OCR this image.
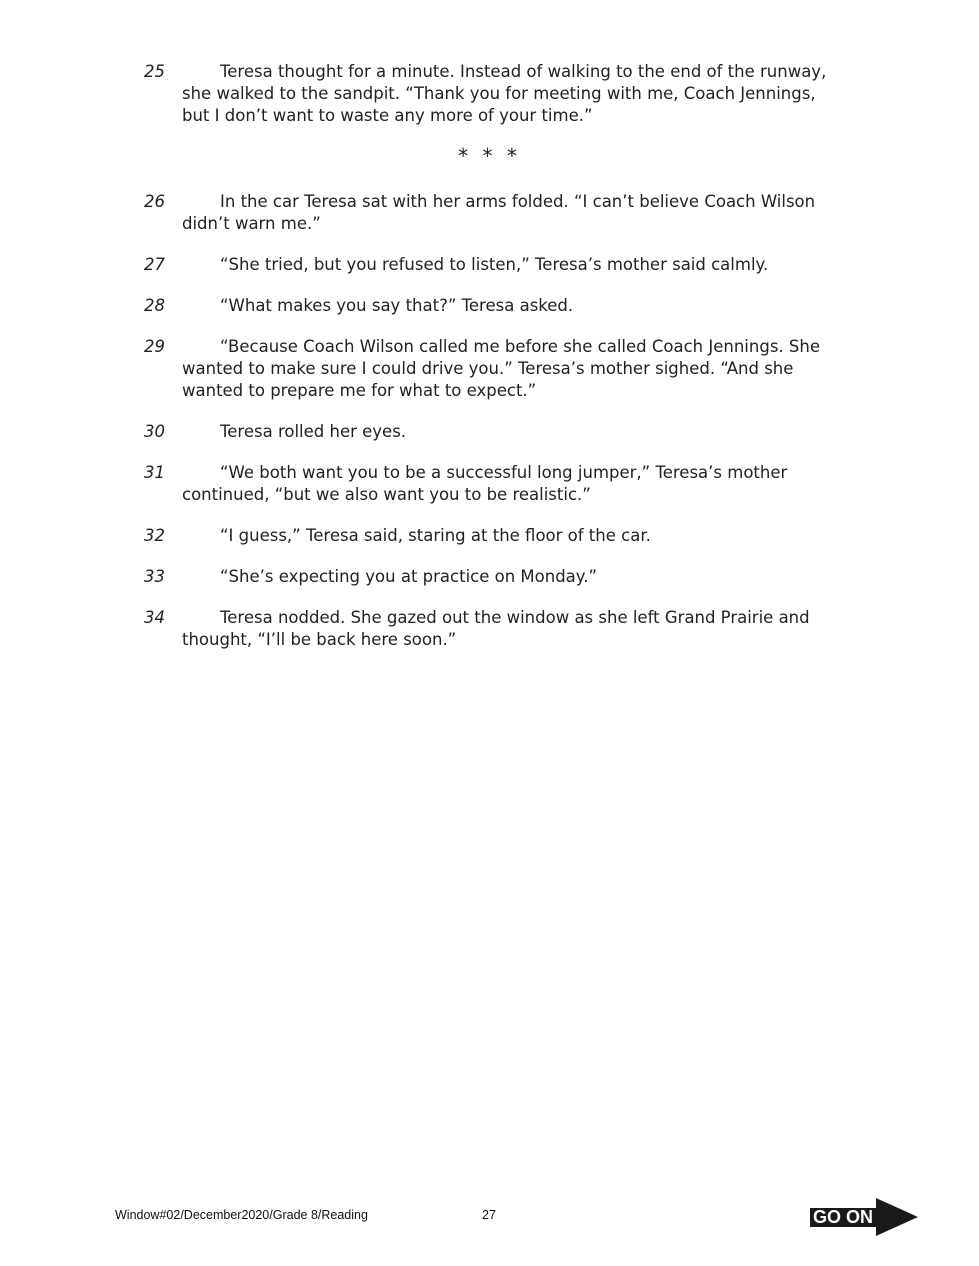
25	Teresa thought for a minute. Instead of walking to the end of the runway, she walked to the sandpit. “Thank you for meeting with me, Coach Jennings, but I don’t want to waste any more of your time.”
* * *
26	In the car Teresa sat with her arms folded. “I can’t believe Coach Wilson didn’t warn me.”
27	“She tried, but you refused to listen,” Teresa’s mother said calmly.
28	“What makes you say that?” Teresa asked.
29	“Because Coach Wilson called me before she called Coach Jennings. She wanted to make sure I could drive you.” Teresa’s mother sighed. “And she wanted to prepare me for what to expect.”
30	Teresa rolled her eyes.
31	“We both want you to be a successful long jumper,” Teresa’s mother continued, “but we also want you to be realistic.”
32	“I guess,” Teresa said, staring at the floor of the car.
33	“She’s expecting you at practice on Monday.”
34	Teresa nodded. She gazed out the window as she left Grand Prairie and thought, “I’ll be back here soon.”
Window#02/December2020/Grade 8/Reading	27	GO ON
